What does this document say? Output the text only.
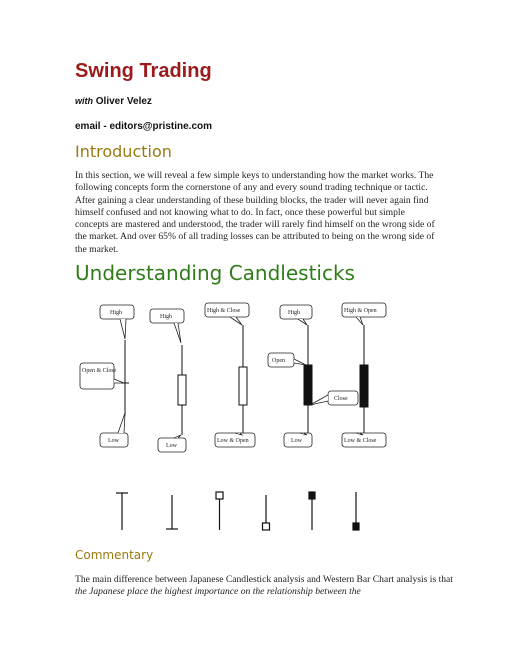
Swing Trading
with Oliver Velez
email - editors@pristine.com
Introduction

In this section, we will reveal a few simple keys to understanding how the market works. The following concepts form the cornerstone of any and every sound trading technique or tactic. After gaining a clear understanding of these building blocks, the trader will never again find himself confused and not knowing what to do. In fact, once these powerful but simple concepts are mastered and understood, the trader will rarely find himself on the wrong side of the market. And over 65% of all trading losses can be attributed to being on the wrong side of the market.

Understanding Candlesticks
High
Open & Close
Low
High
Low
High & Close
Low & Open
High
Open
Close
Low
High & Open
Low & Close
Commentary

The main difference between Japanese Candlestick analysis and Western Bar Chart analysis is that the Japanese place the highest importance on the relationship between the
